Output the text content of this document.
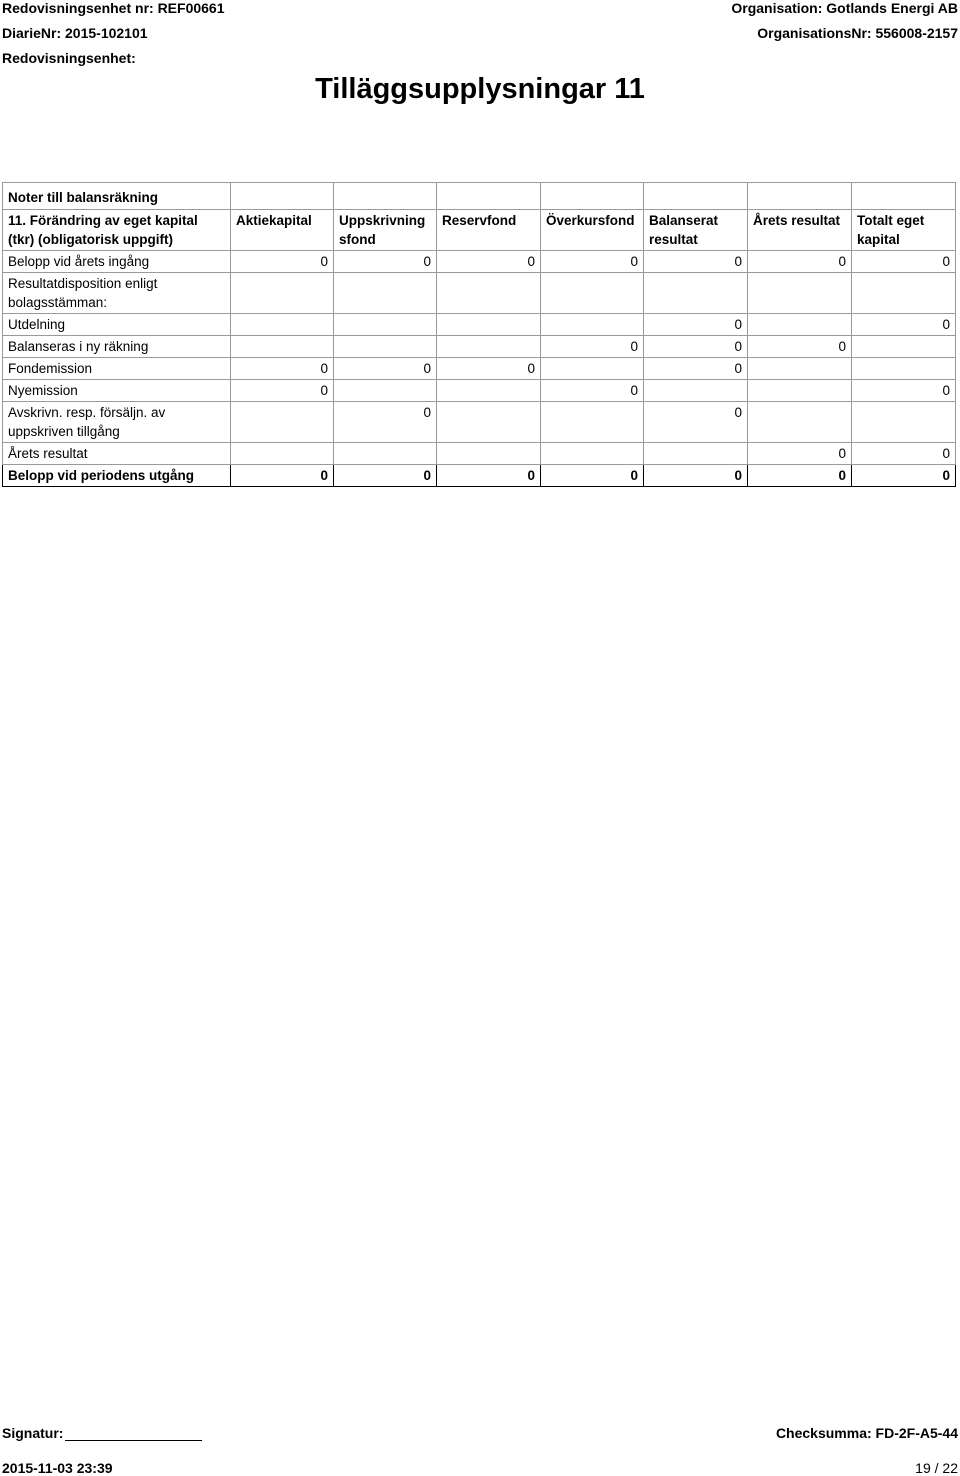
Redovisningsenhet nr: REF00661
DiarieNr: 2015-102101
Redovisningsenhet:
Organisation: Gotlands Energi AB
OrganisationsNr: 556008-2157
Tilläggsupplysningar 11
Noter till balansräkning							
11. Förändring av eget kapital (tkr) (obligatorisk uppgift)	Aktiekapital	Uppskrivning sfond	Reservfond	Överkursfond	Balanserat resultat	Årets resultat	Totalt eget kapital
Belopp vid årets ingång	0	0	0	0	0	0	0
Resultatdisposition enligt bolagsstämman:							
Utdelning					0		0
Balanseras i ny räkning				0	0	0	
Fondemission	0	0	0		0		
Nyemission	0			0			0
Avskrivn. resp. försäljn. av uppskriven tillgång		0			0		
Årets resultat						0	0
Belopp vid periodens utgång	0	0	0	0	0	0	0
Signatur:	Checksumma: FD-2F-A5-44
2015-11-03 23:39	19 / 22
